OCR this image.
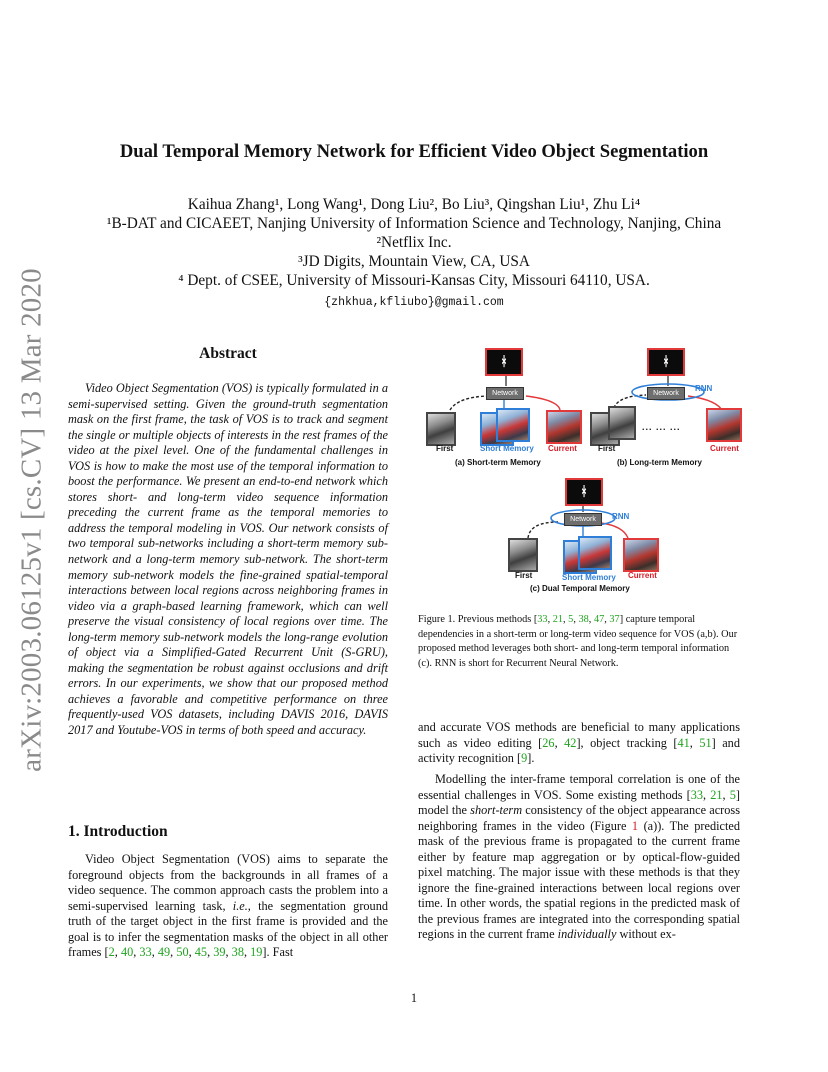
arXiv:2003.06125v1 [cs.CV] 13 Mar 2020
Dual Temporal Memory Network for Efficient Video Object Segmentation
Kaihua Zhang¹, Long Wang¹, Dong Liu², Bo Liu³, Qingshan Liu¹, Zhu Li⁴
¹B-DAT and CICAEET, Nanjing University of Information Science and Technology, Nanjing, China
²Netflix Inc.
³JD Digits, Mountain View, CA, USA
⁴ Dept. of CSEE, University of Missouri-Kansas City, Missouri 64110, USA.
{zhkhua,kfliubo}@gmail.com
Abstract
Video Object Segmentation (VOS) is typically formulated in a semi-supervised setting. Given the ground-truth segmentation mask on the first frame, the task of VOS is to track and segment the single or multiple objects of interests in the rest frames of the video at the pixel level. One of the fundamental challenges in VOS is how to make the most use of the temporal information to boost the performance. We present an end-to-end network which stores short- and long-term video sequence information preceding the current frame as the temporal memories to address the temporal modeling in VOS. Our network consists of two temporal sub-networks including a short-term memory sub-network and a long-term memory sub-network. The short-term memory sub-network models the fine-grained spatial-temporal interactions between local regions across neighboring frames in video via a graph-based learning framework, which can well preserve the visual consistency of local regions over time. The long-term memory sub-network models the long-range evolution of object via a Simplified-Gated Recurrent Unit (S-GRU), making the segmentation be robust against occlusions and drift errors. In our experiments, we show that our proposed method achieves a favorable and competitive performance on three frequently-used VOS datasets, including DAVIS 2016, DAVIS 2017 and Youtube-VOS in terms of both speed and accuracy.
1. Introduction
Video Object Segmentation (VOS) aims to separate the foreground objects from the backgrounds in all frames of a video sequence. The common approach casts the problem into a semi-supervised learning task, i.e., the segmentation ground truth of the target object in the first frame is provided and the goal is to infer the segmentation masks of the object in all other frames [2, 40, 33, 49, 50, 45, 39, 38, 19]. Fast
ᚼ
Network
First	Short Memory Current
(a) Short-term Memory
ᚼ
Network
RNN
... ... ...
First	Current
(b) Long-term Memory
ᚼ
Network	RNN
First	Short Memory Current
(c) Dual Temporal Memory
Figure 1. Previous methods [33, 21, 5, 38, 47, 37] capture temporal dependencies in a short-term or long-term video sequence for VOS (a,b). Our proposed method leverages both short- and long-term temporal information (c). RNN is short for Recurrent Neural Network.
and accurate VOS methods are beneficial to many applications such as video editing [26, 42], object tracking [41, 51] and activity recognition [9].
Modelling the inter-frame temporal correlation is one of the essential challenges in VOS. Some existing methods [33, 21, 5] model the short-term consistency of the object appearance across neighboring frames in the video (Figure 1 (a)). The predicted mask of the previous frame is propagated to the current frame either by feature map aggregation or by optical-flow-guided pixel matching. The major issue with these methods is that they ignore the fine-grained interactions between local regions over time. In other words, the spatial regions in the predicted mask of the previous frames are integrated into the corresponding spatial regions in the current frame individually without ex-
1
